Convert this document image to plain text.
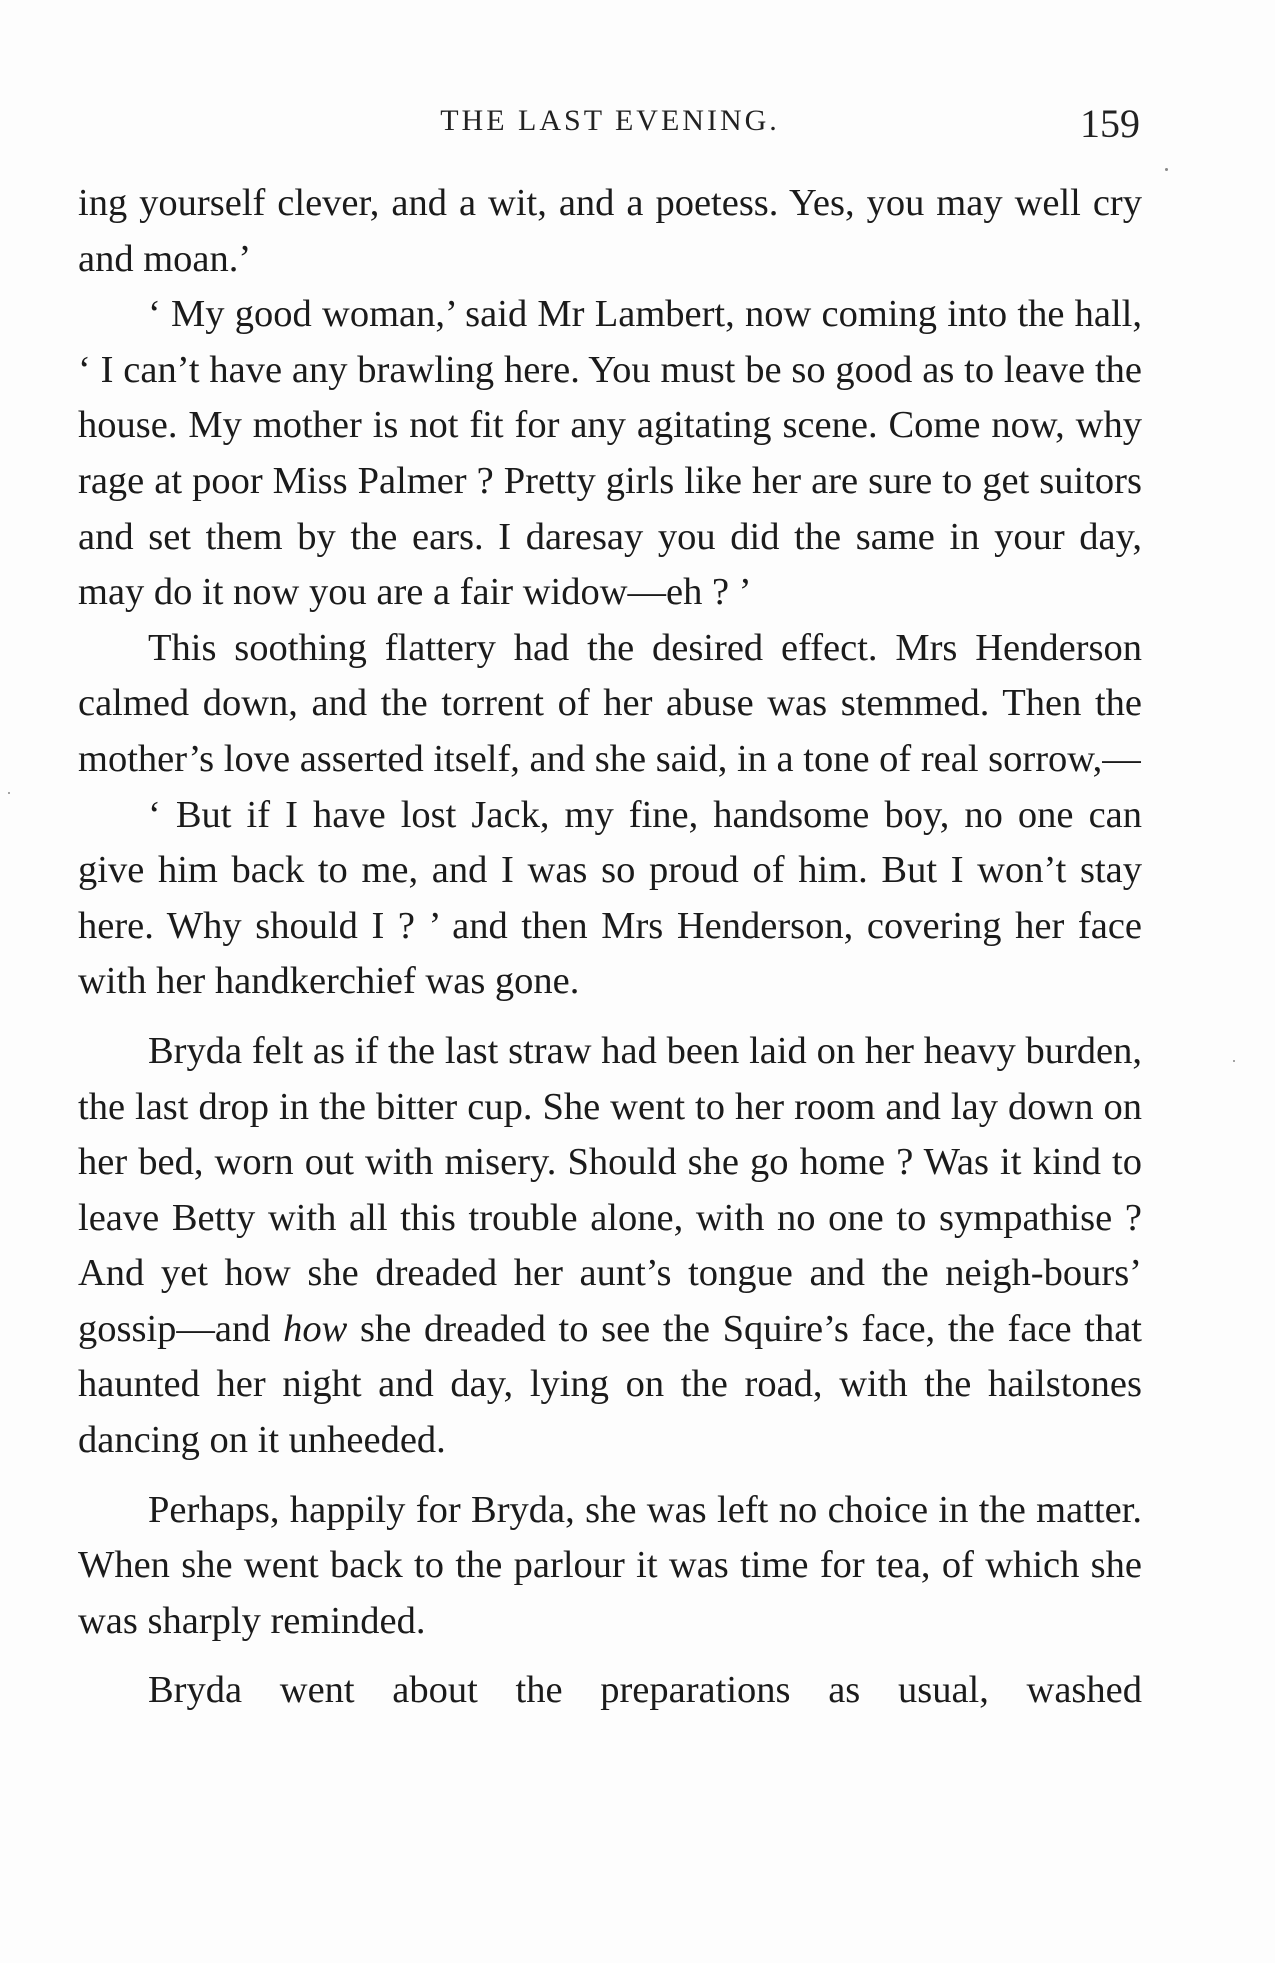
THE LAST EVENING.	159

ing yourself clever, and a wit, and a poetess. Yes, you may well cry and moan.’

‘ My good woman,’ said Mr Lambert, now coming into the hall, ‘ I can’t have any brawling here. You must be so good as to leave the house. My mother is not fit for any agitating scene. Come now, why rage at poor Miss Palmer ? Pretty girls like her are sure to get suitors and set them by the ears. I daresay you did the same in your day, may do it now you are a fair widow—eh ? ’

This soothing flattery had the desired effect. Mrs Henderson calmed down, and the torrent of her abuse was stemmed. Then the mother’s love asserted itself, and she said, in a tone of real sorrow,—

‘ But if I have lost Jack, my fine, handsome boy, no one can give him back to me, and I was so proud of him. But I won’t stay here. Why should I ? ’ and then Mrs Henderson, covering her face with her handkerchief was gone.

Bryda felt as if the last straw had been laid on her heavy burden, the last drop in the bitter cup. She went to her room and lay down on her bed, worn out with misery. Should she go home ? Was it kind to leave Betty with all this trouble alone, with no one to sympathise ? And yet how she dreaded her aunt’s tongue and the neigh-bours’ gossip—and how she dreaded to see the Squire’s face, the face that haunted her night and day, lying on the road, with the hailstones dancing on it unheeded.

Perhaps, happily for Bryda, she was left no choice in the matter. When she went back to the parlour it was time for tea, of which she was sharply reminded.

Bryda went about the preparations as usual, washed
